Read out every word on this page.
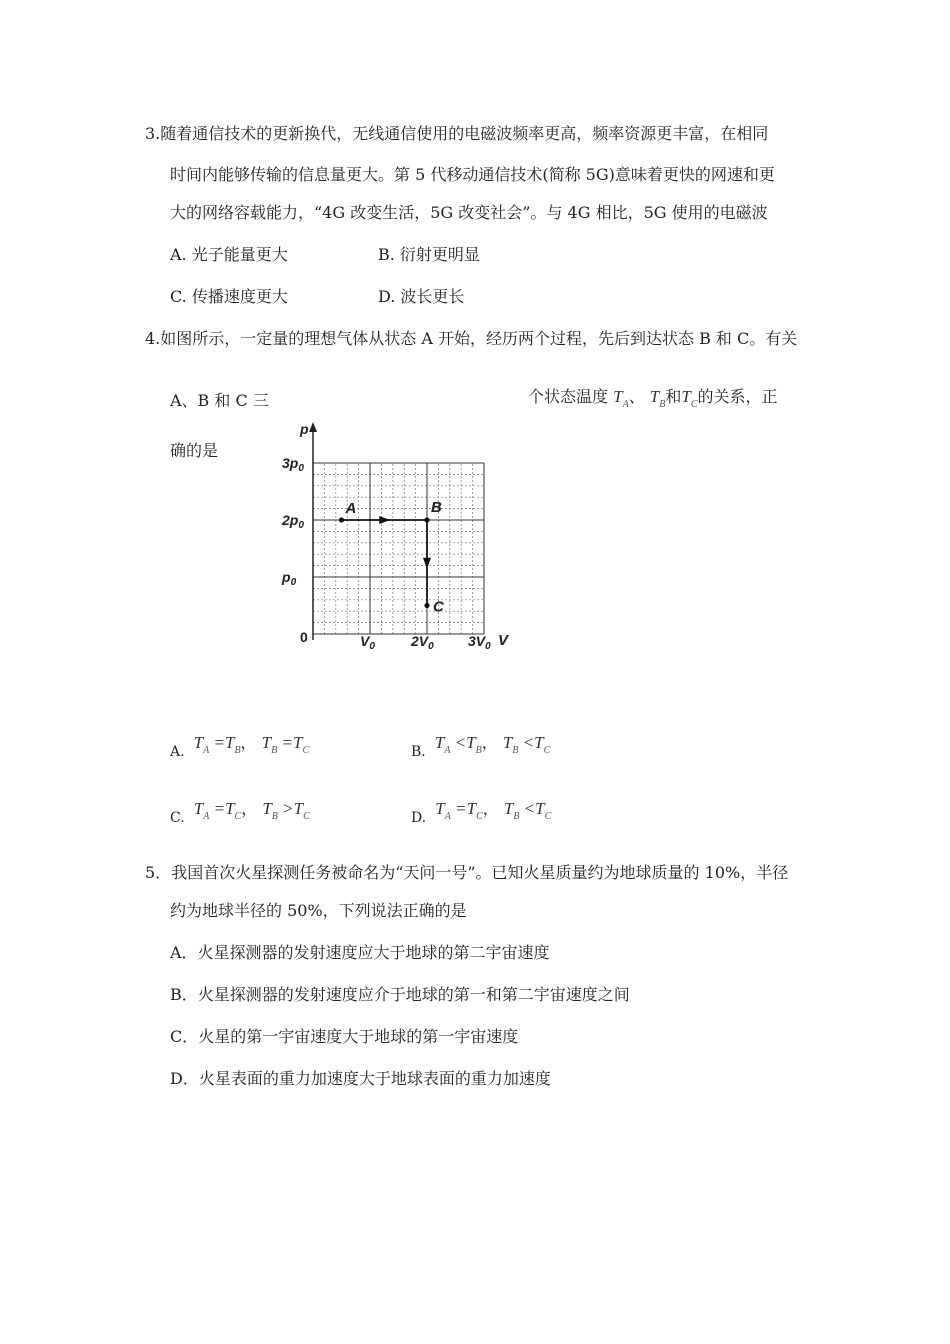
3.随着通信技术的更新换代，无线通信使用的电磁波频率更高，频率资源更丰富，在相同
时间内能够传输的信息量更大。第 5 代移动通信技术(简称 5G)意味着更快的网速和更
大的网络容载能力，“4G 改变生活，5G 改变社会”。与 4G 相比，5G 使用的电磁波
A. 光子能量更大	B. 衍射更明显
C. 传播速度更大	D. 波长更长
4.如图所示，一定量的理想气体从状态 A 开始，经历两个过程，先后到达状态 B 和 C。有关
A、B 和 C 三	个状态温度 $T_A$、 $T_B$和$T_C$的关系，正
确的是
p
V
0
$p_0$
$2p_0$
$3p_0$
$V_0$	$2V_0$ $3V_0$
A	B
C
A. $T_A =T_B$， $T_B =T_C$	B. $T_A <T_B$， $T_B <T_C$
C. $T_A =T_C$， $T_B >T_C$	D. $T_A =T_C$， $T_B <T_C$
5．我国首次火星探测任务被命名为“天问一号”。已知火星质量约为地球质量的 10%，半径
约为地球半径的 50%，下列说法正确的是
A．火星探测器的发射速度应大于地球的第二宇宙速度
B．火星探测器的发射速度应介于地球的第一和第二宇宙速度之间
C．火星的第一宇宙速度大于地球的第一宇宙速度
D．火星表面的重力加速度大于地球表面的重力加速度
